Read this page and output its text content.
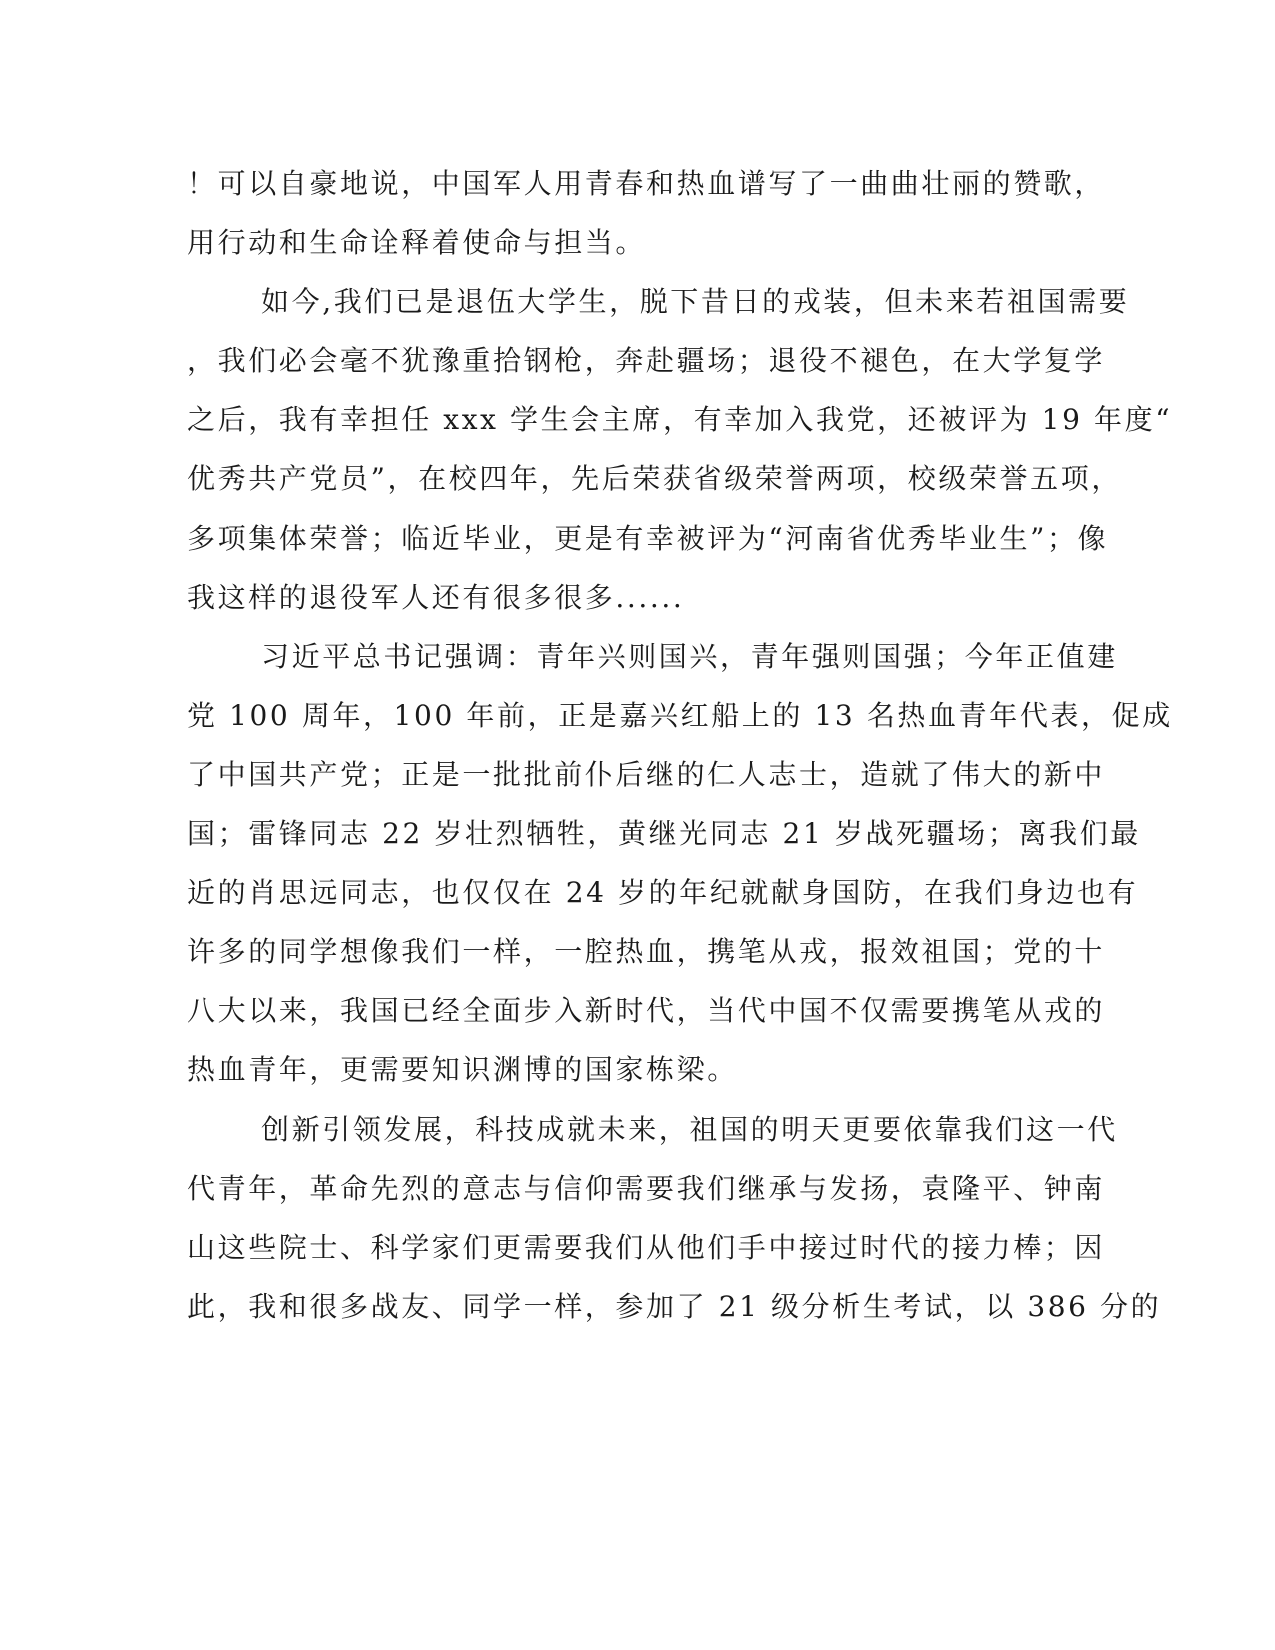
！可以自豪地说，中国军人用青春和热血谱写了一曲曲壮丽的赞歌，
用行动和生命诠释着使命与担当。
如今,我们已是退伍大学生，脱下昔日的戎装，但未来若祖国需要
，我们必会毫不犹豫重拾钢枪，奔赴疆场；退役不褪色，在大学复学
之后，我有幸担任 xxx 学生会主席，有幸加入我党，还被评为 19 年度“
优秀共产党员”，在校四年，先后荣获省级荣誉两项，校级荣誉五项，
多项集体荣誉；临近毕业，更是有幸被评为“河南省优秀毕业生”；像
我这样的退役军人还有很多很多......
习近平总书记强调：青年兴则国兴，青年强则国强；今年正值建
党 100 周年，100 年前，正是嘉兴红船上的 13 名热血青年代表，促成
了中国共产党；正是一批批前仆后继的仁人志士，造就了伟大的新中
国；雷锋同志 22 岁壮烈牺牲，黄继光同志 21 岁战死疆场；离我们最
近的肖思远同志，也仅仅在 24 岁的年纪就献身国防，在我们身边也有
许多的同学想像我们一样，一腔热血，携笔从戎，报效祖国；党的十
八大以来，我国已经全面步入新时代，当代中国不仅需要携笔从戎的
热血青年，更需要知识渊博的国家栋梁。
创新引领发展，科技成就未来，祖国的明天更要依靠我们这一代
代青年，革命先烈的意志与信仰需要我们继承与发扬，袁隆平、钟南
山这些院士、科学家们更需要我们从他们手中接过时代的接力棒；因
此，我和很多战友、同学一样，参加了 21 级分析生考试，以 386 分的
